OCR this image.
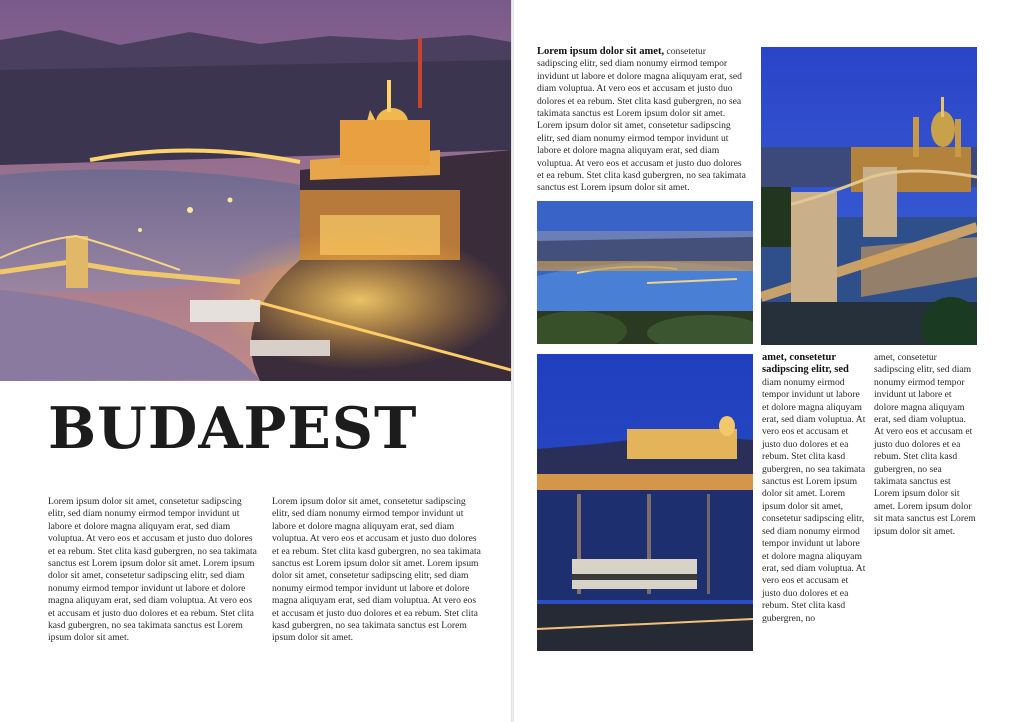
BUDAPEST

Lorem ipsum dolor sit amet, consetetur sadipscing elitr, sed diam nonumy eirmod tempor invidunt ut labore et dolore magna aliquyam erat, sed diam voluptua. At vero eos et accusam et justo duo dolores et ea rebum. Stet clita kasd gubergren, no sea takimata sanctus est Lorem ipsum dolor sit amet. Lorem ipsum dolor sit amet, consetetur sadipscing elitr, sed diam nonumy eirmod tempor invidunt ut labore et dolore magna aliquyam erat, sed diam voluptua. At vero eos et accusam et justo duo dolores et ea rebum. Stet clita kasd gubergren, no sea takimata sanctus est Lorem ipsum dolor sit amet.

Lorem ipsum dolor sit amet, consetetur sadipscing elitr, sed diam nonumy eirmod tempor invidunt ut labore et dolore magna aliquyam erat, sed diam voluptua. At vero eos et accusam et justo duo dolores et ea rebum. Stet clita kasd gubergren, no sea takimata sanctus est Lorem ipsum dolor sit amet. Lorem ipsum dolor sit amet, consetetur sadipscing elitr, sed diam nonumy eirmod tempor invidunt ut labore et dolore magna aliquyam erat, sed diam voluptua. At vero eos et accusam et justo duo dolores et ea rebum. Stet clita kasd gubergren, no sea takimata sanctus est Lorem ipsum dolor sit amet.

Lorem ipsum dolor sit amet, consetetur sadipscing elitr, sed diam nonumy eirmod tempor invidunt ut labore et dolore magna aliquyam erat, sed diam voluptua. At vero eos et accusam et justo duo dolores et ea rebum. Stet clita kasd gubergren, no sea takimata sanctus est Lorem ipsum dolor sit amet. Lorem ipsum dolor sit amet, consetetur sadipscing elitr, sed diam nonumy eirmod tempor invidunt ut labore et dolore magna aliquyam erat, sed diam voluptua. At vero eos et accusam et justo duo dolores et ea rebum. Stet clita kasd gubergren, no sea takimata sanctus est Lorem ipsum dolor sit amet.

amet, consetetur sadipscing elitr, sed diam nonumy eirmod tempor invidunt ut labore et dolore magna aliquyam erat, sed diam voluptua. At vero eos et accusam et justo duo dolores et ea rebum. Stet clita kasd gubergren, no sea takimata sanctus est Lorem ipsum dolor sit amet. Lorem ipsum dolor sit amet, consetetur sadipscing elitr, sed diam nonumy eirmod tempor invidunt ut labore et dolore magna aliquyam erat, sed diam voluptua. At vero eos et accusam et justo duo dolores et ea rebum. Stet clita kasd gubergren, no

amet, consetetur sadipscing elitr, sed diam nonumy eirmod tempor invidunt ut labore et dolore magna aliquyam erat, sed diam voluptua. At vero eos et accusam et justo duo dolores et ea rebum. Stet clita kasd gubergren, no sea takimata sanctus est Lorem ipsum dolor sit amet. Lorem ipsum dolor sit mata sanctus est Lorem ipsum dolor sit amet.
